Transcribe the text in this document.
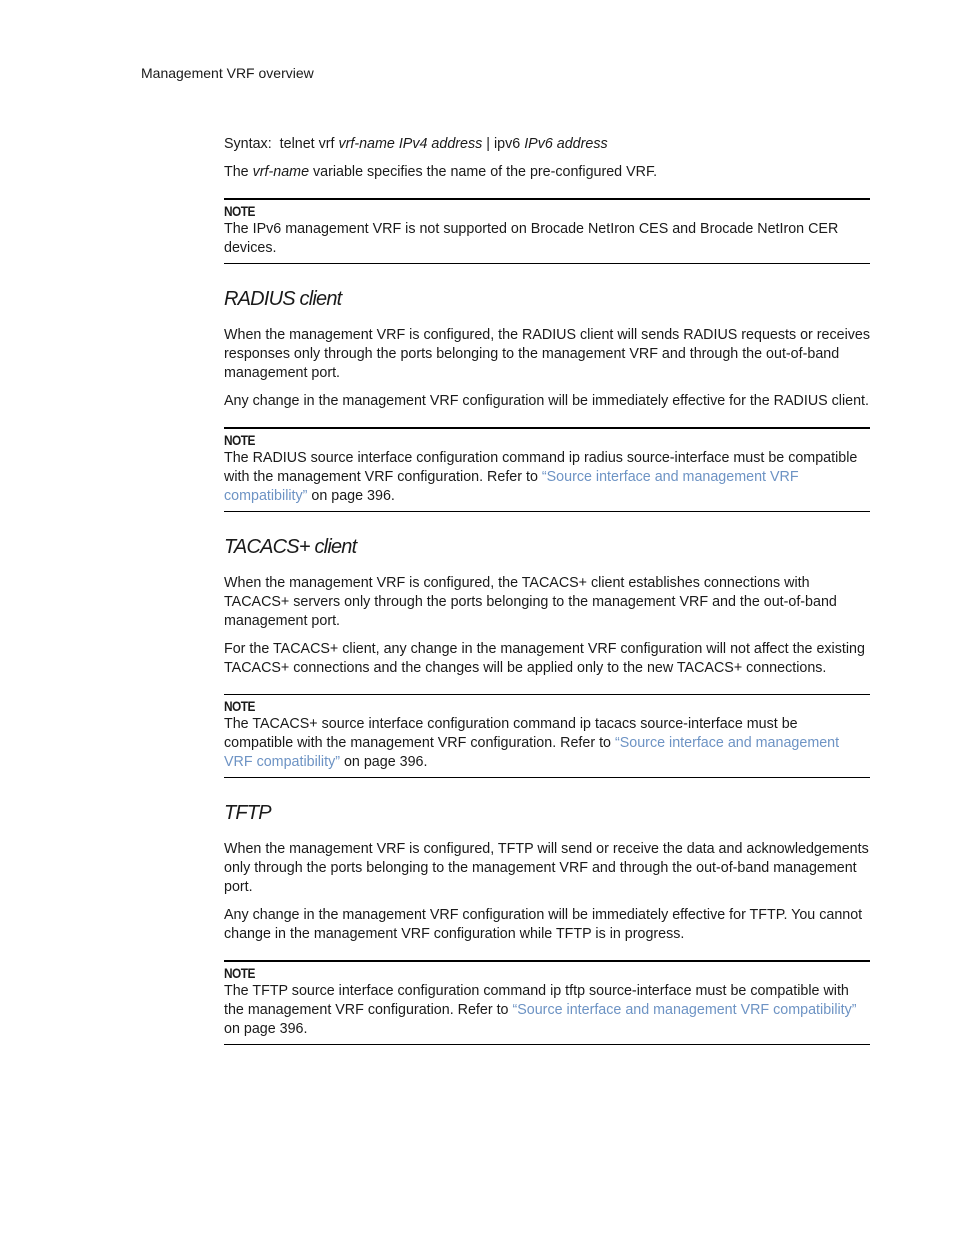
Management VRF overview

Syntax: telnet vrf vrf-name IPv4 address | ipv6 IPv6 address

The vrf-name variable specifies the name of the pre-configured VRF.

NOTE

The IPv6 management VRF is not supported on Brocade NetIron CES and Brocade NetIron CER devices.

RADIUS client

When the management VRF is configured, the RADIUS client will sends RADIUS requests or receives responses only through the ports belonging to the management VRF and through the out-of-band management port.

Any change in the management VRF configuration will be immediately effective for the RADIUS client.

NOTE

The RADIUS source interface configuration command ip radius source-interface must be compatible with the management VRF configuration. Refer to “Source interface and management VRF compatibility” on page 396.

TACACS+ client

When the management VRF is configured, the TACACS+ client establishes connections with TACACS+ servers only through the ports belonging to the management VRF and the out-of-band management port.

For the TACACS+ client, any change in the management VRF configuration will not affect the existing TACACS+ connections and the changes will be applied only to the new TACACS+ connections.

NOTE

The TACACS+ source interface configuration command ip tacacs source-interface must be compatible with the management VRF configuration. Refer to “Source interface and management VRF compatibility” on page 396.

TFTP

When the management VRF is configured, TFTP will send or receive the data and acknowledgements only through the ports belonging to the management VRF and through the out-of-band management port.

Any change in the management VRF configuration will be immediately effective for TFTP. You cannot change in the management VRF configuration while TFTP is in progress.

NOTE

The TFTP source interface configuration command ip tftp source-interface must be compatible with the management VRF configuration. Refer to “Source interface and management VRF compatibility” on page 396.
